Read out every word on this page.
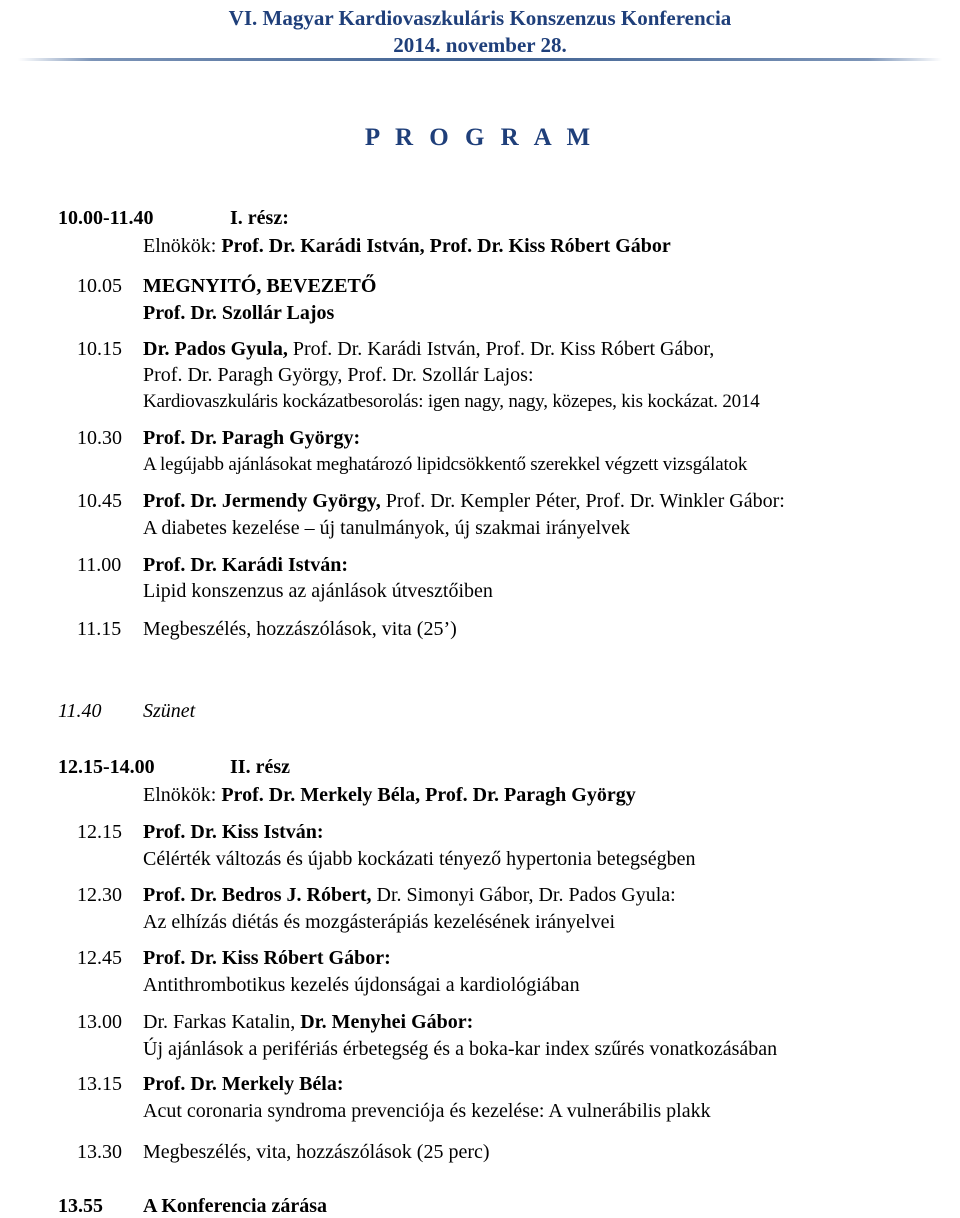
VI. Magyar Kardiovaszkuláris Konszenzus Konferencia
2014. november 28.
P R O G R A M
10.00-11.40	I. rész:
Elnökök: Prof. Dr. Karádi István, Prof. Dr. Kiss Róbert Gábor
10.05 MEGNYITÓ, BEVEZETŐ
Prof. Dr. Szollár Lajos
10.15 Dr. Pados Gyula, Prof. Dr. Karádi István, Prof. Dr. Kiss Róbert Gábor,
Prof. Dr. Paragh György, Prof. Dr. Szollár Lajos:
Kardiovaszkuláris kockázatbesorolás: igen nagy, nagy, közepes, kis kockázat. 2014
10.30 Prof. Dr. Paragh György:
A legújabb ajánlásokat meghatározó lipidcsökkentő szerekkel végzett vizsgálatok
10.45 Prof. Dr. Jermendy György, Prof. Dr. Kempler Péter, Prof. Dr. Winkler Gábor:
A diabetes kezelése – új tanulmányok, új szakmai irányelvek
11.00 Prof. Dr. Karádi István:
Lipid konszenzus az ajánlások útvesztőiben
11.15 Megbeszélés, hozzászólások, vita (25’)
11.40 Szünet
12.15-14.00	II. rész
Elnökök: Prof. Dr. Merkely Béla, Prof. Dr. Paragh György
12.15 Prof. Dr. Kiss István:
Célérték változás és újabb kockázati tényező hypertonia betegségben
12.30 Prof. Dr. Bedros J. Róbert, Dr. Simonyi Gábor, Dr. Pados Gyula:
Az elhízás diétás és mozgásterápiás kezelésének irányelvei
12.45 Prof. Dr. Kiss Róbert Gábor:
Antithrombotikus kezelés újdonságai a kardiológiában
13.00 Dr. Farkas Katalin, Dr. Menyhei Gábor:
Új ajánlások a perifériás érbetegség és a boka-kar index szűrés vonatkozásában
13.15 Prof. Dr. Merkely Béla:
Acut coronaria syndroma prevenciója és kezelése: A vulnerábilis plakk
13.30 Megbeszélés, vita, hozzászólások (25 perc)
13.55 A Konferencia zárása
